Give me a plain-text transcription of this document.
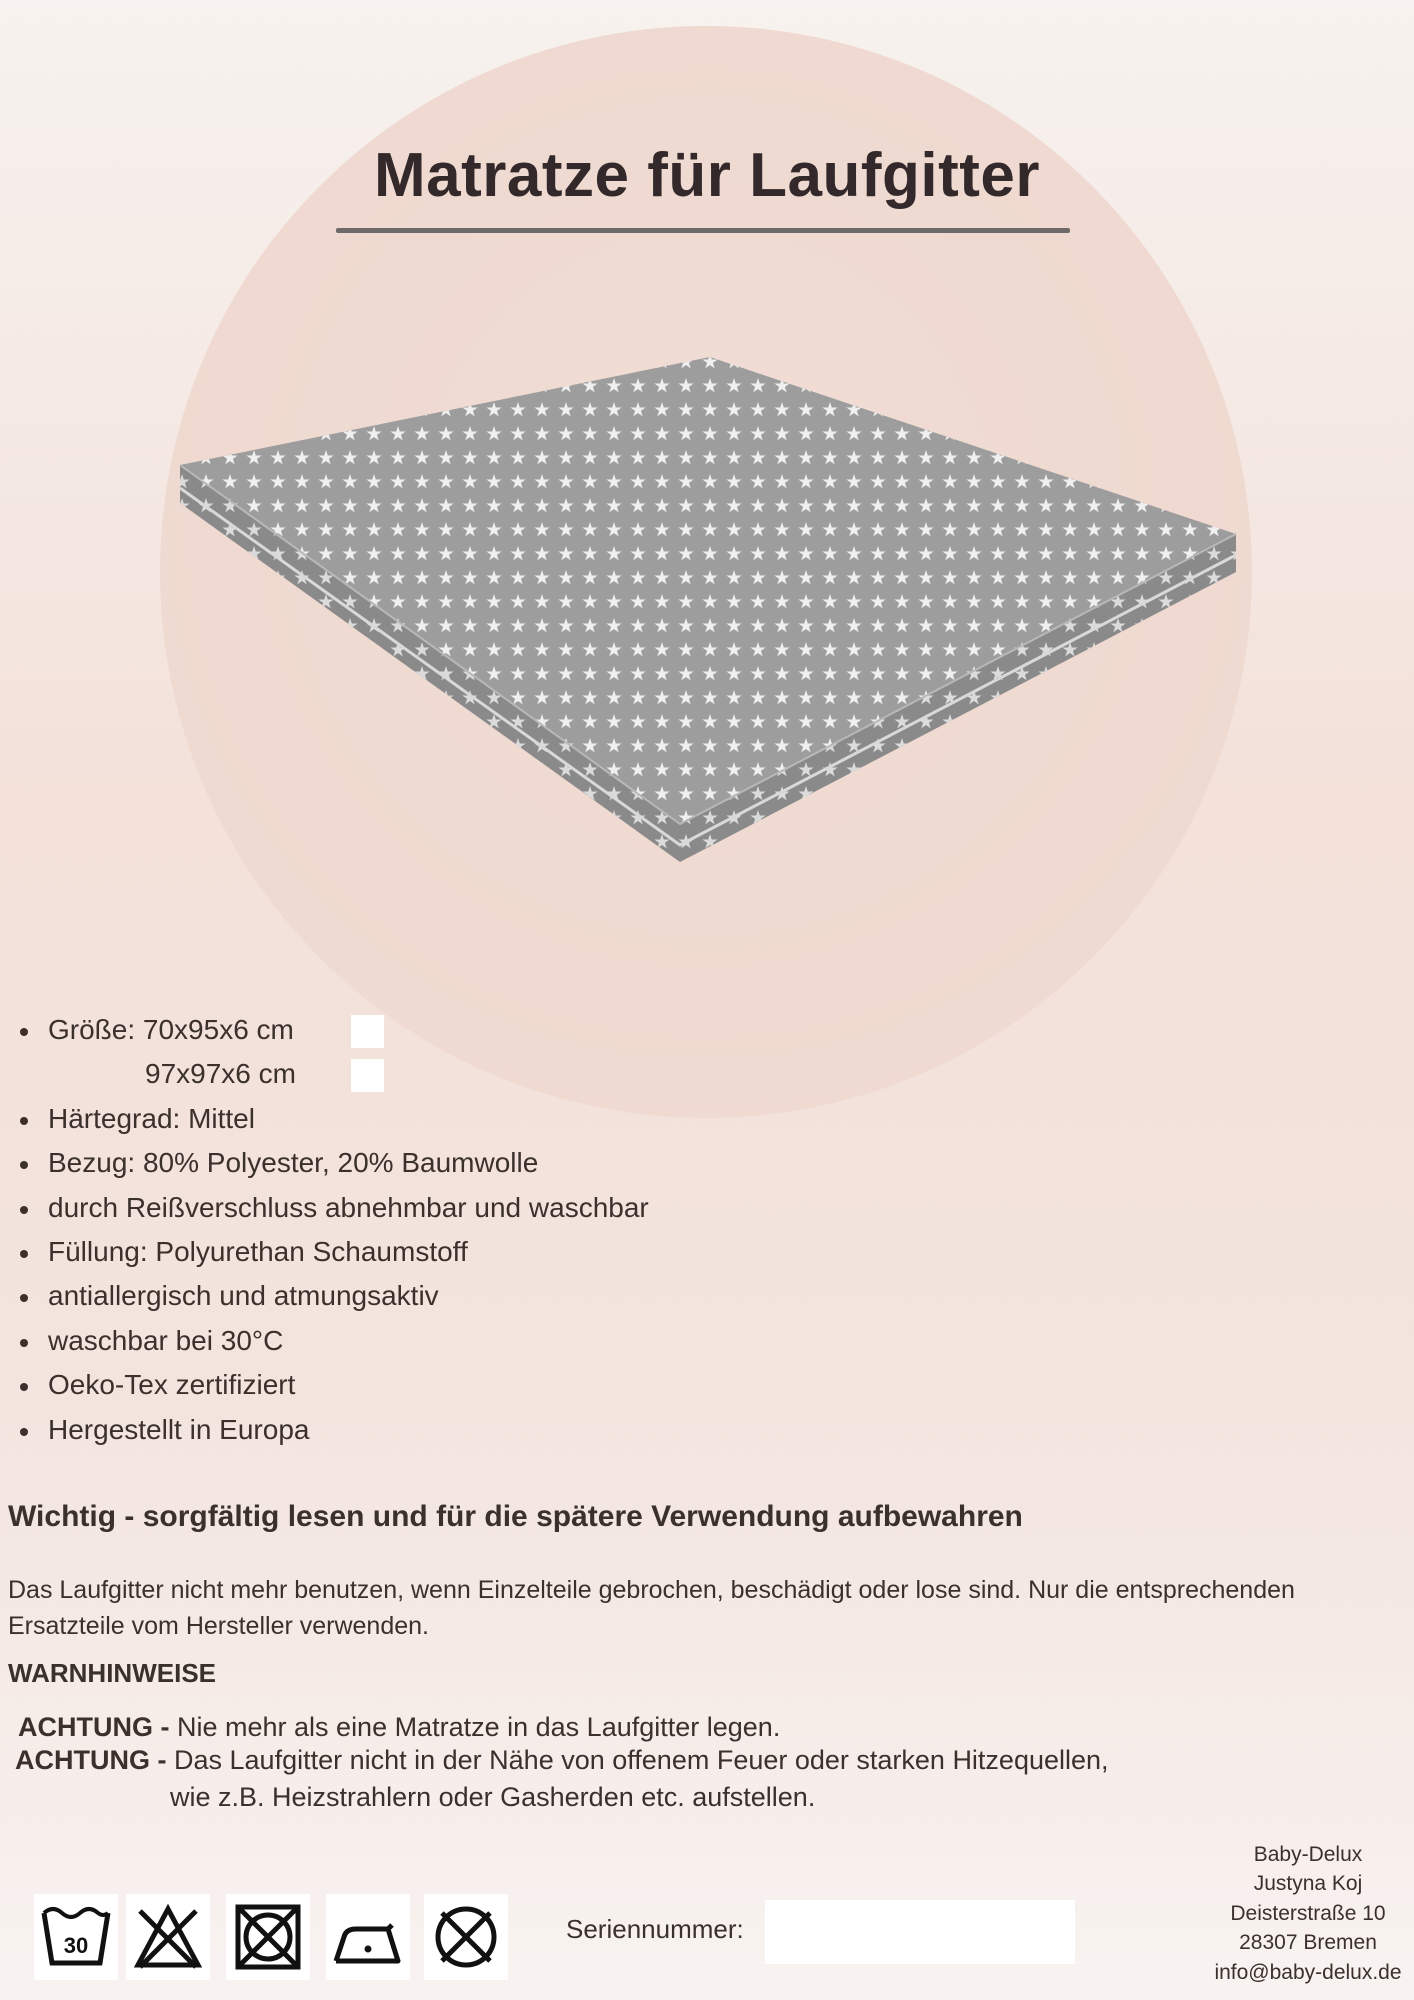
Matratze für Laufgitter
Größe: 70x95x6 cm
97x97x6 cm
Härtegrad: Mittel
Bezug: 80% Polyester, 20% Baumwolle
durch Reißverschluss abnehmbar und waschbar
Füllung: Polyurethan Schaumstoff
antiallergisch und atmungsaktiv
waschbar bei 30°C
Oeko-Tex zertifiziert
Hergestellt in Europa
Wichtig - sorgfältig lesen und für die spätere Verwendung aufbewahren
Das Laufgitter nicht mehr benutzen, wenn Einzelteile gebrochen, beschädigt oder lose sind. Nur die entsprechenden Ersatzteile vom Hersteller verwenden.
WARNHINWEISE
ACHTUNG - Nie mehr als eine Matratze in das Laufgitter legen.
ACHTUNG - Das Laufgitter nicht in der Nähe von offenem Feuer oder starken Hitzequellen,
wie z.B. Heizstrahlern oder Gasherden etc. aufstellen.
30
Seriennummer:
Baby-Delux
Justyna Koj
Deisterstraße 10
28307 Bremen
info@baby-delux.de
